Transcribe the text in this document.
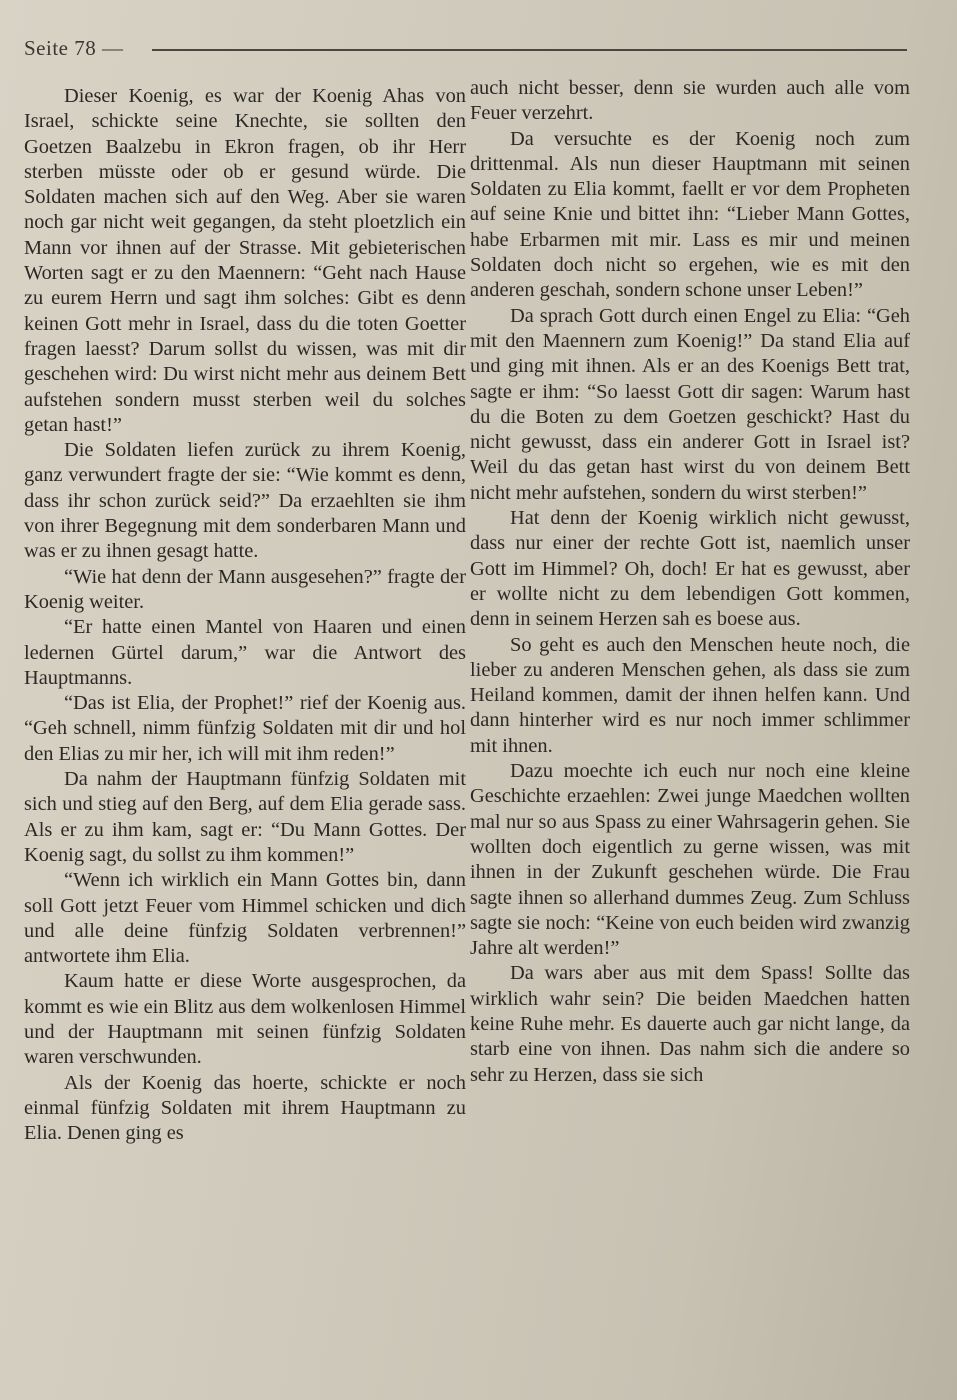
Seite 78 —

Dieser Koenig, es war der Koenig Ahas von Israel, schickte seine Knechte, sie sollten den Goetzen Baalzebu in Ekron fragen, ob ihr Herr sterben müsste oder ob er gesund würde. Die Soldaten machen sich auf den Weg. Aber sie waren noch gar nicht weit gegangen, da steht ploetzlich ein Mann vor ihnen auf der Strasse. Mit gebieterischen Worten sagt er zu den Maennern: “Geht nach Hause zu eurem Herrn und sagt ihm solches: Gibt es denn keinen Gott mehr in Israel, dass du die toten Goetter fragen laesst? Darum sollst du wissen, was mit dir geschehen wird: Du wirst nicht mehr aus deinem Bett aufstehen sondern musst sterben weil du solches getan hast!”

Die Soldaten liefen zurück zu ihrem Koenig, ganz verwundert fragte der sie: “Wie kommt es denn, dass ihr schon zurück seid?” Da erzaehlten sie ihm von ihrer Begegnung mit dem sonderbaren Mann und was er zu ihnen gesagt hatte.

“Wie hat denn der Mann ausgesehen?” fragte der Koenig weiter.

“Er hatte einen Mantel von Haaren und einen ledernen Gürtel darum,” war die Antwort des Hauptmanns.

“Das ist Elia, der Prophet!” rief der Koenig aus. “Geh schnell, nimm fünfzig Soldaten mit dir und hol den Elias zu mir her, ich will mit ihm reden!”

Da nahm der Hauptmann fünfzig Soldaten mit sich und stieg auf den Berg, auf dem Elia gerade sass. Als er zu ihm kam, sagt er: “Du Mann Gottes. Der Koenig sagt, du sollst zu ihm kommen!”

“Wenn ich wirklich ein Mann Gottes bin, dann soll Gott jetzt Feuer vom Himmel schicken und dich und alle deine fünfzig Soldaten verbrennen!” antwortete ihm Elia.

Kaum hatte er diese Worte ausgesprochen, da kommt es wie ein Blitz aus dem wolkenlosen Himmel und der Hauptmann mit seinen fünfzig Soldaten waren verschwunden.

Als der Koenig das hoerte, schickte er noch einmal fünfzig Soldaten mit ihrem Hauptmann zu Elia. Denen ging es

auch nicht besser, denn sie wurden auch alle vom Feuer verzehrt.

Da versuchte es der Koenig noch zum drittenmal. Als nun dieser Hauptmann mit seinen Soldaten zu Elia kommt, faellt er vor dem Propheten auf seine Knie und bittet ihn: “Lieber Mann Gottes, habe Erbarmen mit mir. Lass es mir und meinen Soldaten doch nicht so ergehen, wie es mit den anderen geschah, sondern schone unser Leben!”

Da sprach Gott durch einen Engel zu Elia: “Geh mit den Maennern zum Koenig!” Da stand Elia auf und ging mit ihnen. Als er an des Koenigs Bett trat, sagte er ihm: “So laesst Gott dir sagen: Warum hast du die Boten zu dem Goetzen geschickt? Hast du nicht gewusst, dass ein anderer Gott in Israel ist? Weil du das getan hast wirst du von deinem Bett nicht mehr aufstehen, sondern du wirst sterben!”

Hat denn der Koenig wirklich nicht gewusst, dass nur einer der rechte Gott ist, naemlich unser Gott im Himmel? Oh, doch! Er hat es gewusst, aber er wollte nicht zu dem lebendigen Gott kommen, denn in seinem Herzen sah es boese aus.

So geht es auch den Menschen heute noch, die lieber zu anderen Menschen gehen, als dass sie zum Heiland kommen, damit der ihnen helfen kann. Und dann hinterher wird es nur noch immer schlimmer mit ihnen.

Dazu moechte ich euch nur noch eine kleine Geschichte erzaehlen: Zwei junge Maedchen wollten mal nur so aus Spass zu einer Wahrsagerin gehen. Sie wollten doch eigentlich zu gerne wissen, was mit ihnen in der Zukunft geschehen würde. Die Frau sagte ihnen so allerhand dummes Zeug. Zum Schluss sagte sie noch: “Keine von euch beiden wird zwanzig Jahre alt werden!”

Da wars aber aus mit dem Spass! Sollte das wirklich wahr sein? Die beiden Maedchen hatten keine Ruhe mehr. Es dauerte auch gar nicht lange, da starb eine von ihnen. Das nahm sich die andere so sehr zu Herzen, dass sie sich
